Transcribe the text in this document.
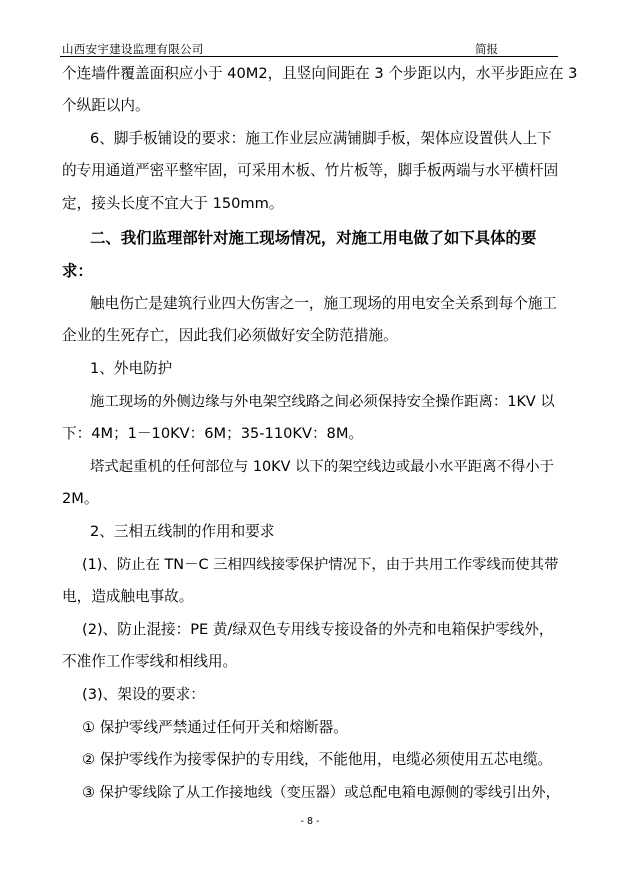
山西安宇建设监理有限公司	简报
个连墙件覆盖面积应小于 40M2，且竖向间距在 3 个步距以内，水平步距应在 3
个纵距以内。
6、脚手板铺设的要求：施工作业层应满铺脚手板，架体应设置供人上下
的专用通道严密平整牢固，可采用木板、竹片板等，脚手板两端与水平横杆固
定，接头长度不宜大于 150mm。
二、我们监理部针对施工现场情况，对施工用电做了如下具体的要
求：
触电伤亡是建筑行业四大伤害之一，施工现场的用电安全关系到每个施工
企业的生死存亡，因此我们必须做好安全防范措施。
1、外电防护
施工现场的外侧边缘与外电架空线路之间必须保持安全操作距离：1KV 以
下：4M；1－10KV：6M；35-110KV：8M。
塔式起重机的任何部位与 10KV 以下的架空线边或最小水平距离不得小于
2M。
2、三相五线制的作用和要求
(1)、防止在 TN－C 三相四线接零保护情况下，由于共用工作零线而使其带
电，造成触电事故。
(2)、防止混接：PE 黄/绿双色专用线专接设备的外壳和电箱保护零线外，
不准作工作零线和相线用。
(3)、架设的要求：
① 保护零线严禁通过任何开关和熔断器。
② 保护零线作为接零保护的专用线，不能他用，电缆必须使用五芯电缆。
③ 保护零线除了从工作接地线（变压器）或总配电箱电源侧的零线引出外，
- 8 -
